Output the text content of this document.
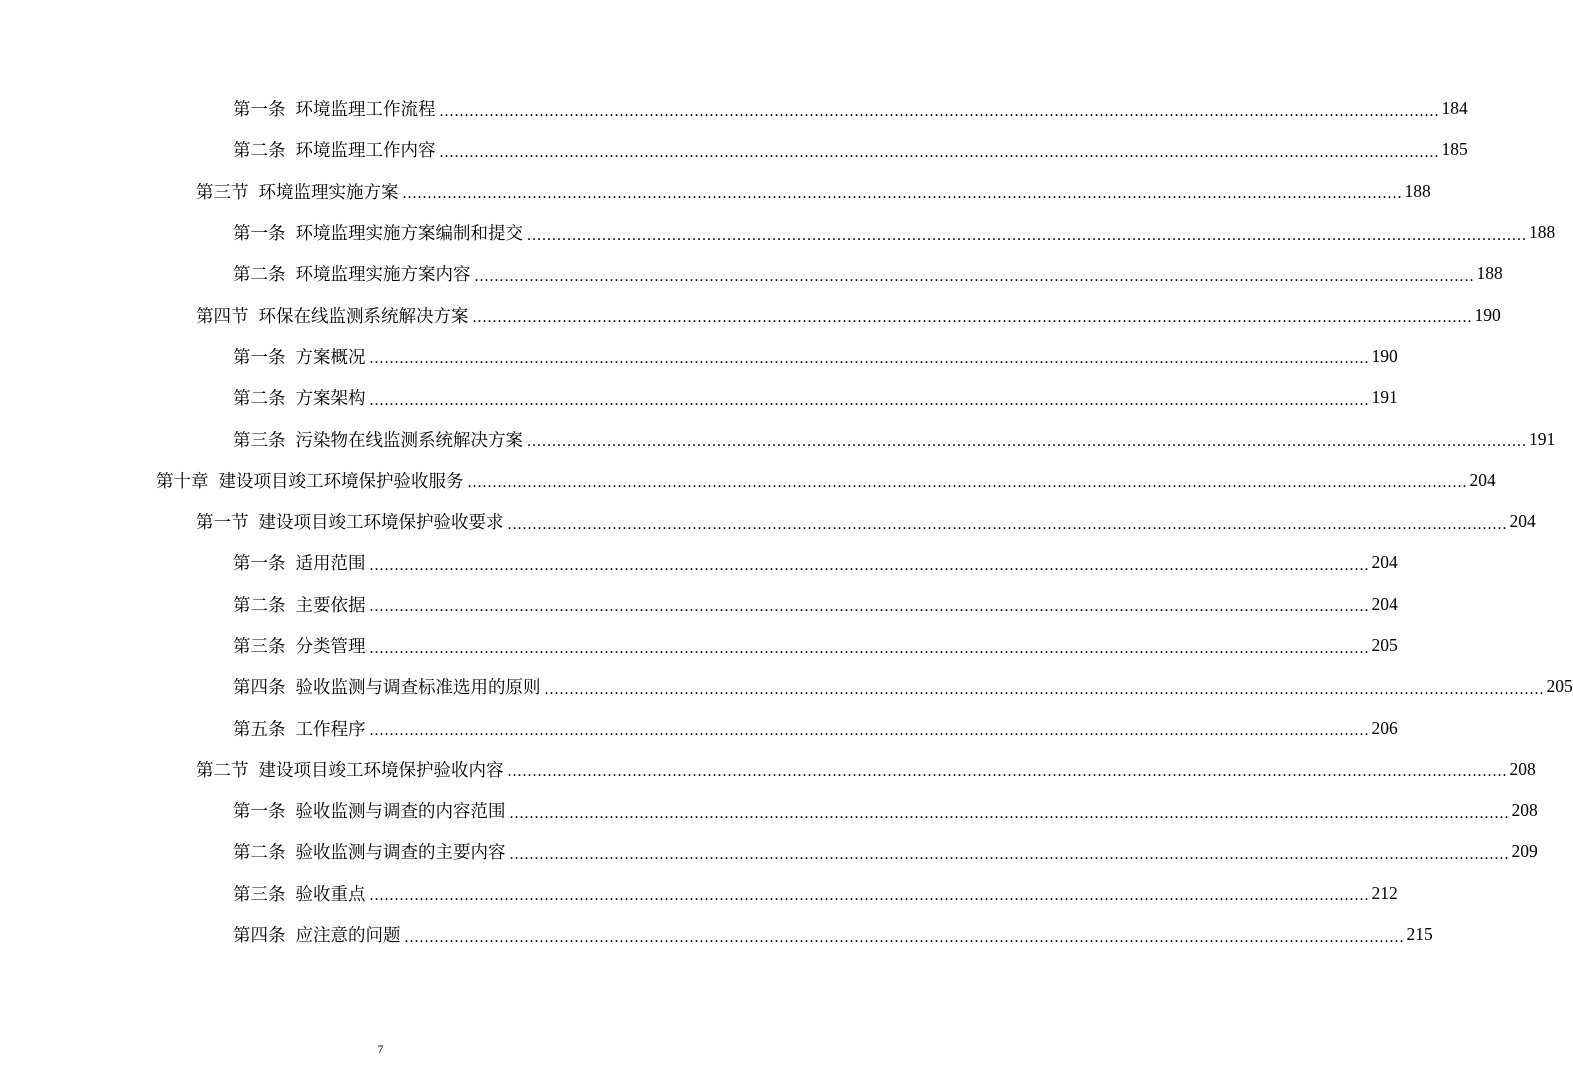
第一条 环境监理工作流程 ........................................................................................................................................................................................................ 184
第二条 环境监理工作内容 ........................................................................................................................................................................................................ 185
第三节 环境监理实施方案 ........................................................................................................................................................................................................ 188
第一条 环境监理实施方案编制和提交 ........................................................................................................................................................................................................ 188
第二条 环境监理实施方案内容 ........................................................................................................................................................................................................ 188
第四节 环保在线监测系统解决方案 ........................................................................................................................................................................................................ 190
第一条 方案概况 ........................................................................................................................................................................................................ 190
第二条 方案架构 ........................................................................................................................................................................................................ 191
第三条 污染物在线监测系统解决方案 ........................................................................................................................................................................................................ 191
第十章 建设项目竣工环境保护验收服务 ........................................................................................................................................................................................................ 204
第一节 建设项目竣工环境保护验收要求 ........................................................................................................................................................................................................ 204
第一条 适用范围 ........................................................................................................................................................................................................ 204
第二条 主要依据 ........................................................................................................................................................................................................ 204
第三条 分类管理 ........................................................................................................................................................................................................ 205
第四条 验收监测与调查标准选用的原则 ........................................................................................................................................................................................................ 205
第五条 工作程序 ........................................................................................................................................................................................................ 206
第二节 建设项目竣工环境保护验收内容 ........................................................................................................................................................................................................ 208
第一条 验收监测与调查的内容范围 ........................................................................................................................................................................................................ 208
第二条 验收监测与调查的主要内容 ........................................................................................................................................................................................................ 209
第三条 验收重点 ........................................................................................................................................................................................................ 212
第四条 应注意的问题 ........................................................................................................................................................................................................ 215
7
